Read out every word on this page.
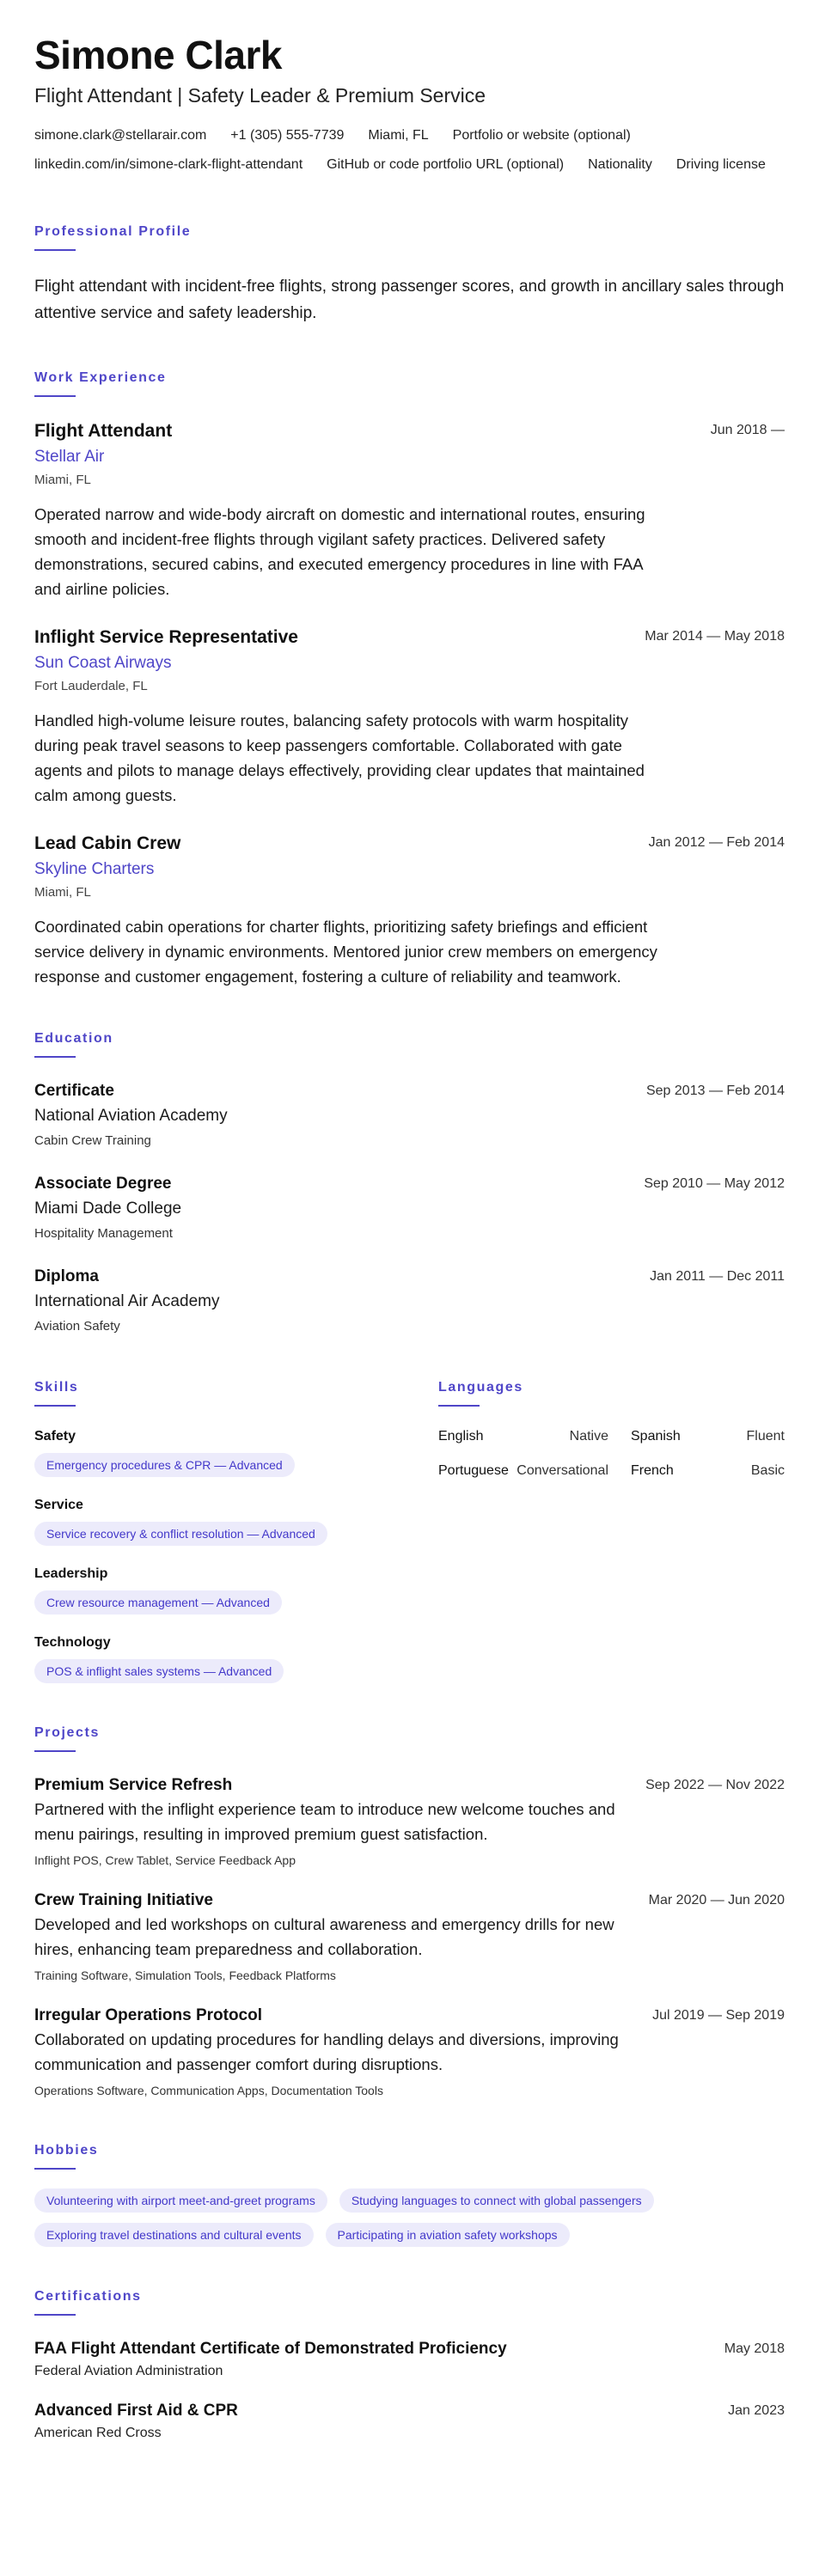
Simone Clark
Flight Attendant | Safety Leader & Premium Service
simone.clark@stellarair.com +1 (305) 555-7739 Miami, FL Portfolio or website (optional)
linkedin.com/in/simone-clark-flight-attendant GitHub or code portfolio URL (optional) Nationality Driving license
Professional Profile
Flight attendant with incident-free flights, strong passenger scores, and growth in ancillary sales through attentive service and safety leadership.
Work Experience
Jun 2018 —
Flight Attendant
Stellar Air
Miami, FL
Operated narrow and wide-body aircraft on domestic and international routes, ensuring smooth and incident-free flights through vigilant safety practices. Delivered safety demonstrations, secured cabins, and executed emergency procedures in line with FAA and airline policies.
Mar 2014 — May 2018
Inflight Service Representative
Sun Coast Airways
Fort Lauderdale, FL
Handled high-volume leisure routes, balancing safety protocols with warm hospitality during peak travel seasons to keep passengers comfortable. Collaborated with gate agents and pilots to manage delays effectively, providing clear updates that maintained calm among guests.
Jan 2012 — Feb 2014
Lead Cabin Crew
Skyline Charters
Miami, FL
Coordinated cabin operations for charter flights, prioritizing safety briefings and efficient service delivery in dynamic environments. Mentored junior crew members on emergency response and customer engagement, fostering a culture of reliability and teamwork.
Education
Sep 2013 — Feb 2014
Certificate
National Aviation Academy
Cabin Crew Training
Sep 2010 — May 2012
Associate Degree
Miami Dade College
Hospitality Management
Jan 2011 — Dec 2011
Diploma
International Air Academy
Aviation Safety
Skills
Safety
Emergency procedures & CPR — Advanced
Service
Service recovery & conflict resolution — Advanced
Leadership
Crew resource management — Advanced
Technology
POS & inflight sales systems — Advanced
Languages
English	Native Spanish	Fluent
Portuguese Conversational French	Basic
Projects
Sep 2022 — Nov 2022
Premium Service Refresh
Partnered with the inflight experience team to introduce new welcome touches and menu pairings, resulting in improved premium guest satisfaction.
Inflight POS, Crew Tablet, Service Feedback App
Mar 2020 — Jun 2020
Crew Training Initiative
Developed and led workshops on cultural awareness and emergency drills for new hires, enhancing team preparedness and collaboration.
Training Software, Simulation Tools, Feedback Platforms
Jul 2019 — Sep 2019
Irregular Operations Protocol
Collaborated on updating procedures for handling delays and diversions, improving communication and passenger comfort during disruptions.
Operations Software, Communication Apps, Documentation Tools
Hobbies
Volunteering with airport meet-and-greet programs	Studying languages to connect with global passengers
Exploring travel destinations and cultural events	Participating in aviation safety workshops
Certifications
May 2018
FAA Flight Attendant Certificate of Demonstrated Proficiency
Federal Aviation Administration
Jan 2023
Advanced First Aid & CPR
American Red Cross
